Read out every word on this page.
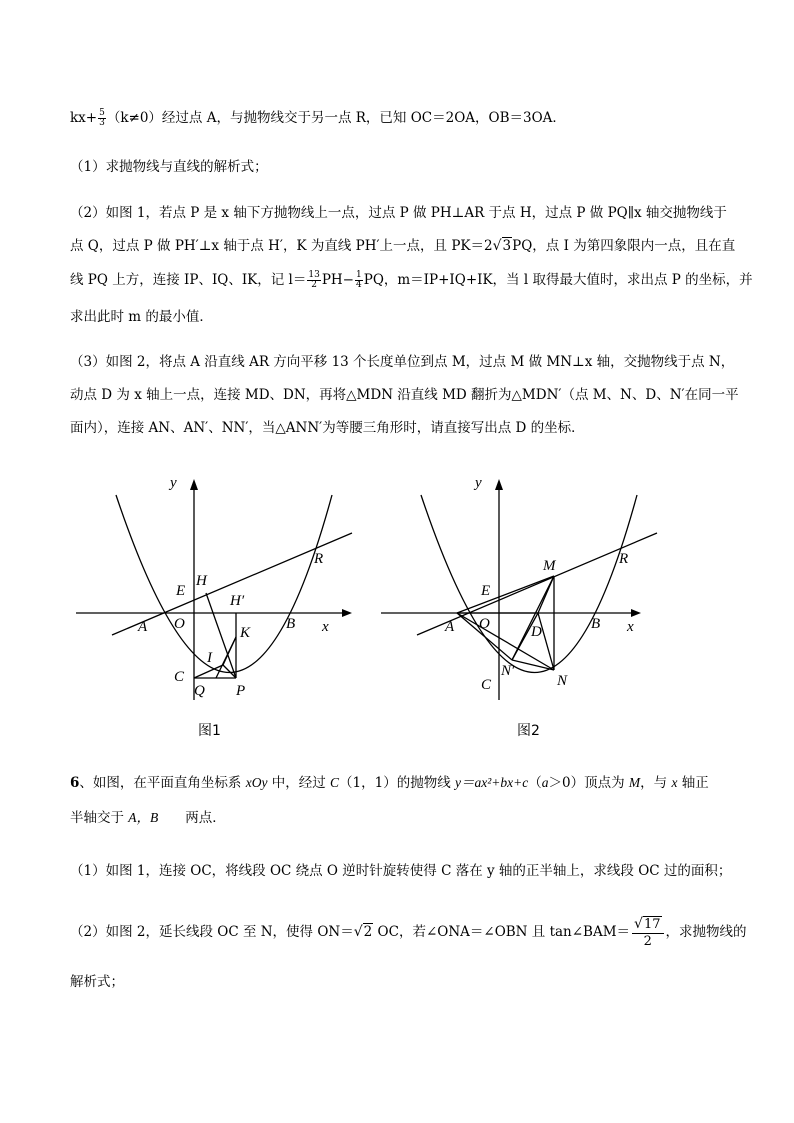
$kx+ \frac{5}{3} (k\ne 0)$经过点 A，与抛物线交于另一点 R，已知 OC＝2OA，OB＝3OA．
（1）求抛物线与直线的解析式；
（2）如图 1，若点 P 是 x 轴下方抛物线上一点，过点 P 做 PH⊥AR 于点 H，过点 P 做 PQ∥x 轴交抛物线于
点 Q，过点 P 做 PH′⊥x 轴于点 H′，K 为直线 PH′上一点，且 PK＝2√3PQ，点 I 为第四象限内一点，且在直
线 PQ 上方，连接 IP、IQ、IK，记 $l= \frac{13}{2} PH- \frac{1}{4}$ PQ，m＝IP+IQ+IK，当 l 取得最大值时，求出点 P 的坐标，并
求出此时 m 的最小值．
（3）如图 2，将点 A 沿直线 AR 方向平移 13 个长度单位到点 M，过点 M 做 MN⊥x 轴，交抛物线于点 N，
动点 D 为 x 轴上一点，连接 MD、DN，再将△MDN 沿直线 MD 翻折为△MDN′（点 M、N、D、N′在同一平
面内），连接 AN、AN′、NN′，当△ANN′为等腰三角形时，请直接写出点 D 的坐标．
y
x
E
H
H′
R
A O	B
K
I
C
Q P
图1
y
x
E
M	R
A O	B
D
N′
C	N
图2
6、如图，在平面直角坐标系 xOy 中，经过 C（1，1）的抛物线 y＝ax²+bx+c（a＞0）顶点为 M，与 x 轴正
半轴交于 A，B　　两点．
（1）如图 1，连接 OC，将线段 OC 绕点 O 逆时针旋转使得 C 落在 y 轴的正半轴上，求线段 OC 过的面积；
（2）如图 2，延长线段 OC 至 N，使得 ON＝√2 OC，若∠ONA＝∠OBN 且 tan∠BAM＝ $\frac{√17}{2}$ ，求抛物线的
解析式；
